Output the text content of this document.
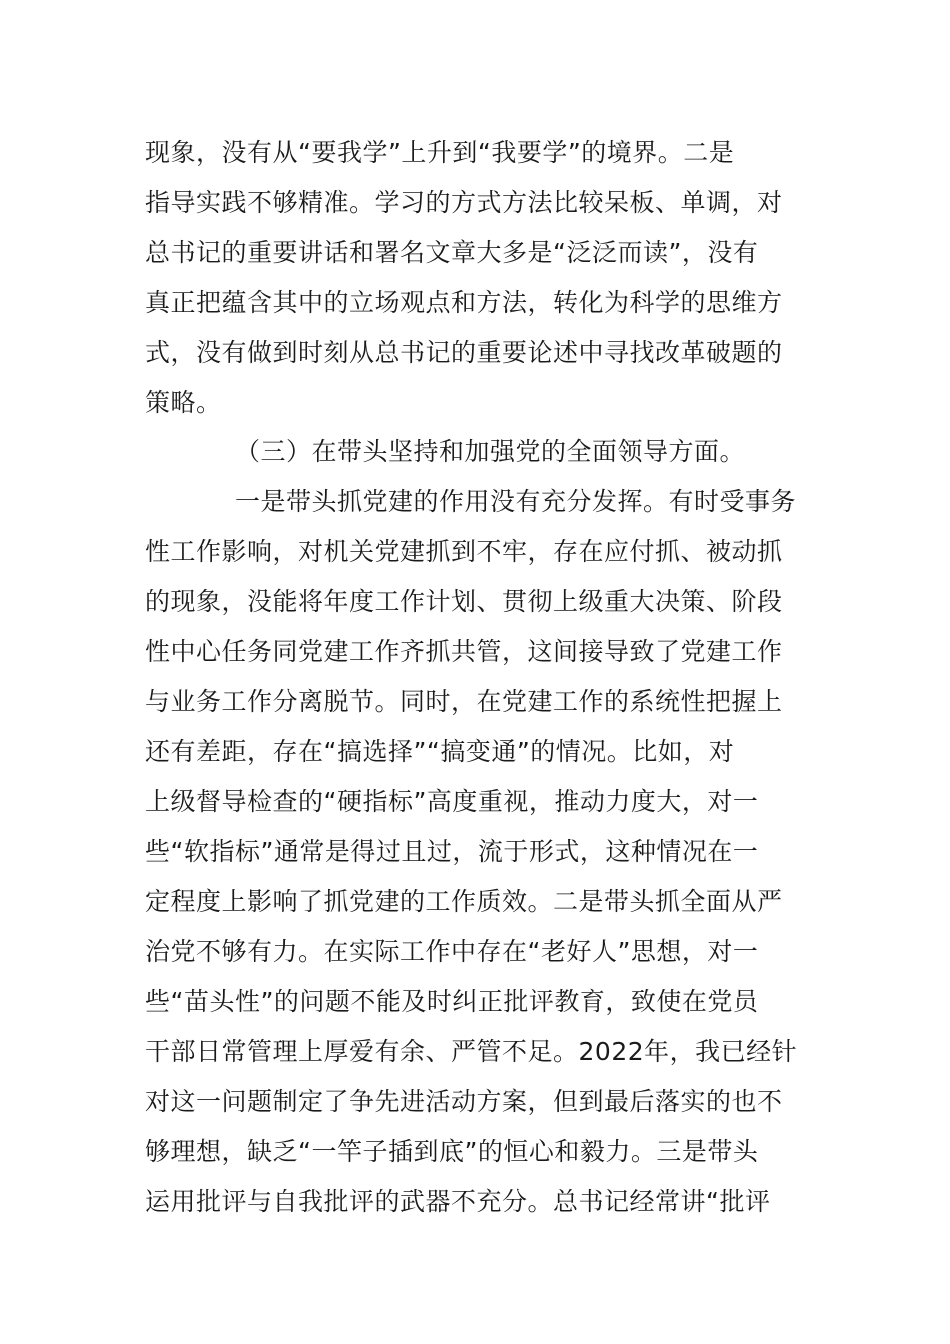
现象，没有从“要我学”上升到“我要学”的境界。二是
指导实践不够精准。学习的方式方法比较呆板、单调，对
总书记的重要讲话和署名文章大多是“泛泛而读”，没有
真正把蕴含其中的立场观点和方法，转化为科学的思维方
式，没有做到时刻从总书记的重要论述中寻找改革破题的
策略。
（三）在带头坚持和加强党的全面领导方面。
一是带头抓党建的作用没有充分发挥。有时受事务
性工作影响，对机关党建抓到不牢，存在应付抓、被动抓
的现象，没能将年度工作计划、贯彻上级重大决策、阶段
性中心任务同党建工作齐抓共管，这间接导致了党建工作
与业务工作分离脱节。同时，在党建工作的系统性把握上
还有差距，存在“搞选择”“搞变通”的情况。比如，对
上级督导检查的“硬指标”高度重视，推动力度大，对一
些“软指标”通常是得过且过，流于形式，这种情况在一
定程度上影响了抓党建的工作质效。二是带头抓全面从严
治党不够有力。在实际工作中存在“老好人”思想，对一
些“苗头性”的问题不能及时纠正批评教育，致使在党员
干部日常管理上厚爱有余、严管不足。2022年，我已经针
对这一问题制定了争先进活动方案，但到最后落实的也不
够理想，缺乏“一竿子插到底”的恒心和毅力。三是带头
运用批评与自我批评的武器不充分。总书记经常讲“批评
